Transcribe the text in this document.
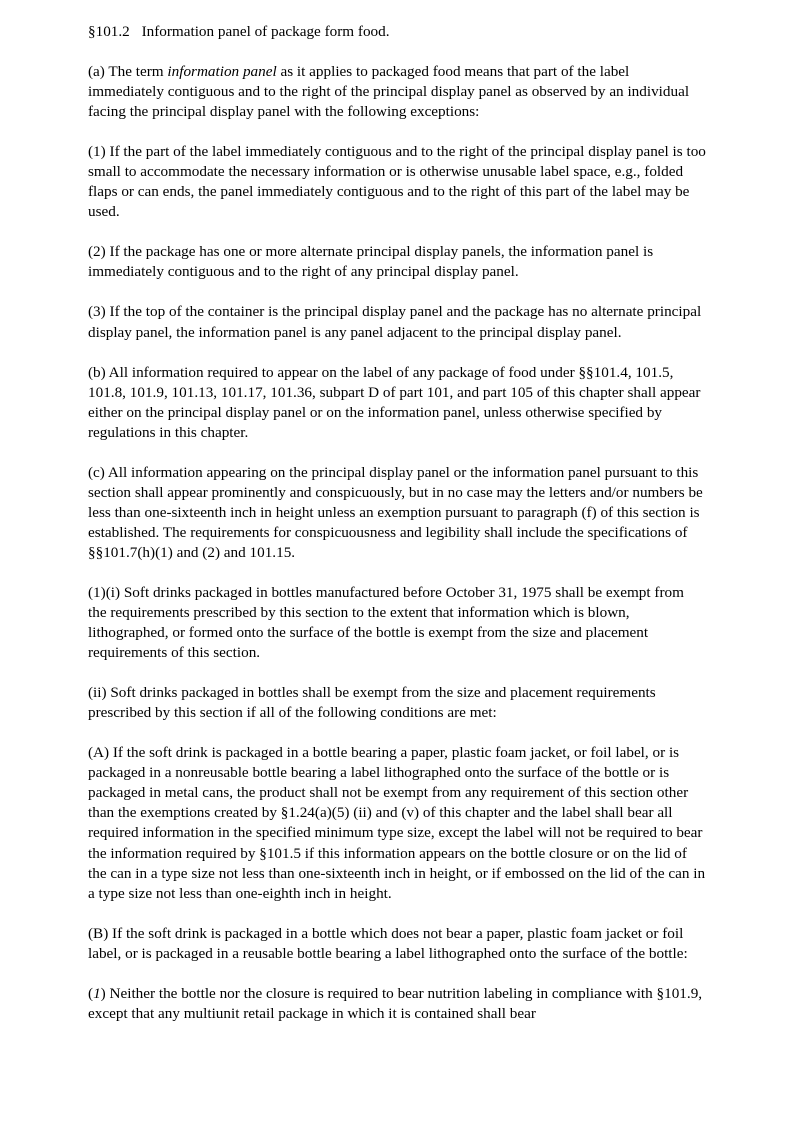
§101.2 Information panel of package form food.

(a) The term information panel as it applies to packaged food means that part of the label immediately contiguous and to the right of the principal display panel as observed by an individual facing the principal display panel with the following exceptions:

(1) If the part of the label immediately contiguous and to the right of the principal display panel is too small to accommodate the necessary information or is otherwise unusable label space, e.g., folded flaps or can ends, the panel immediately contiguous and to the right of this part of the label may be used.

(2) If the package has one or more alternate principal display panels, the information panel is immediately contiguous and to the right of any principal display panel.

(3) If the top of the container is the principal display panel and the package has no alternate principal display panel, the information panel is any panel adjacent to the principal display panel.

(b) All information required to appear on the label of any package of food under §§101.4, 101.5, 101.8, 101.9, 101.13, 101.17, 101.36, subpart D of part 101, and part 105 of this chapter shall appear either on the principal display panel or on the information panel, unless otherwise specified by regulations in this chapter.

(c) All information appearing on the principal display panel or the information panel pursuant to this section shall appear prominently and conspicuously, but in no case may the letters and/or numbers be less than one-sixteenth inch in height unless an exemption pursuant to paragraph (f) of this section is established. The requirements for conspicuousness and legibility shall include the specifications of §§101.7(h)(1) and (2) and 101.15.

(1)(i) Soft drinks packaged in bottles manufactured before October 31, 1975 shall be exempt from the requirements prescribed by this section to the extent that information which is blown, lithographed, or formed onto the surface of the bottle is exempt from the size and placement requirements of this section.

(ii) Soft drinks packaged in bottles shall be exempt from the size and placement requirements prescribed by this section if all of the following conditions are met:

(A) If the soft drink is packaged in a bottle bearing a paper, plastic foam jacket, or foil label, or is packaged in a nonreusable bottle bearing a label lithographed onto the surface of the bottle or is packaged in metal cans, the product shall not be exempt from any requirement of this section other than the exemptions created by §1.24(a)(5) (ii) and (v) of this chapter and the label shall bear all required information in the specified minimum type size, except the label will not be required to bear the information required by §101.5 if this information appears on the bottle closure or on the lid of the can in a type size not less than one-sixteenth inch in height, or if embossed on the lid of the can in a type size not less than one-eighth inch in height.

(B) If the soft drink is packaged in a bottle which does not bear a paper, plastic foam jacket or foil label, or is packaged in a reusable bottle bearing a label lithographed onto the surface of the bottle:

(1) Neither the bottle nor the closure is required to bear nutrition labeling in compliance with §101.9, except that any multiunit retail package in which it is contained shall bear
